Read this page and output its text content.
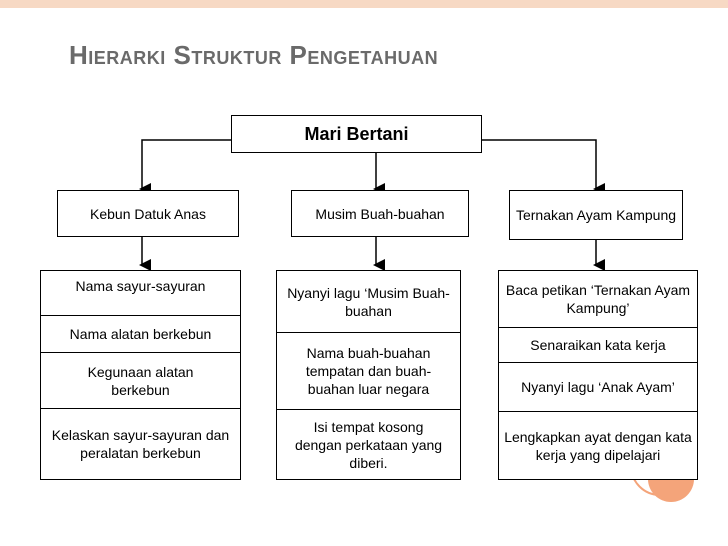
Hierarki Struktur Pengetahuan
Mari Bertani
Kebun Datuk Anas	Musim Buah-buahan	Ternakan Ayam Kampung
Nama sayur-sayuran
Nama alatan berkebun
Kegunaan alatan berkebun
Kelaskan sayur-sayuran dan peralatan berkebun
Nyanyi lagu ‘Musim Buah-buahan
Nama buah-buahan tempatan dan buah-buahan luar negara
Isi tempat kosong dengan perkataan yang diberi.
Baca petikan ‘Ternakan Ayam Kampung’
Senaraikan kata kerja
Nyanyi lagu ‘Anak Ayam’
Lengkapkan ayat dengan kata kerja yang dipelajari
